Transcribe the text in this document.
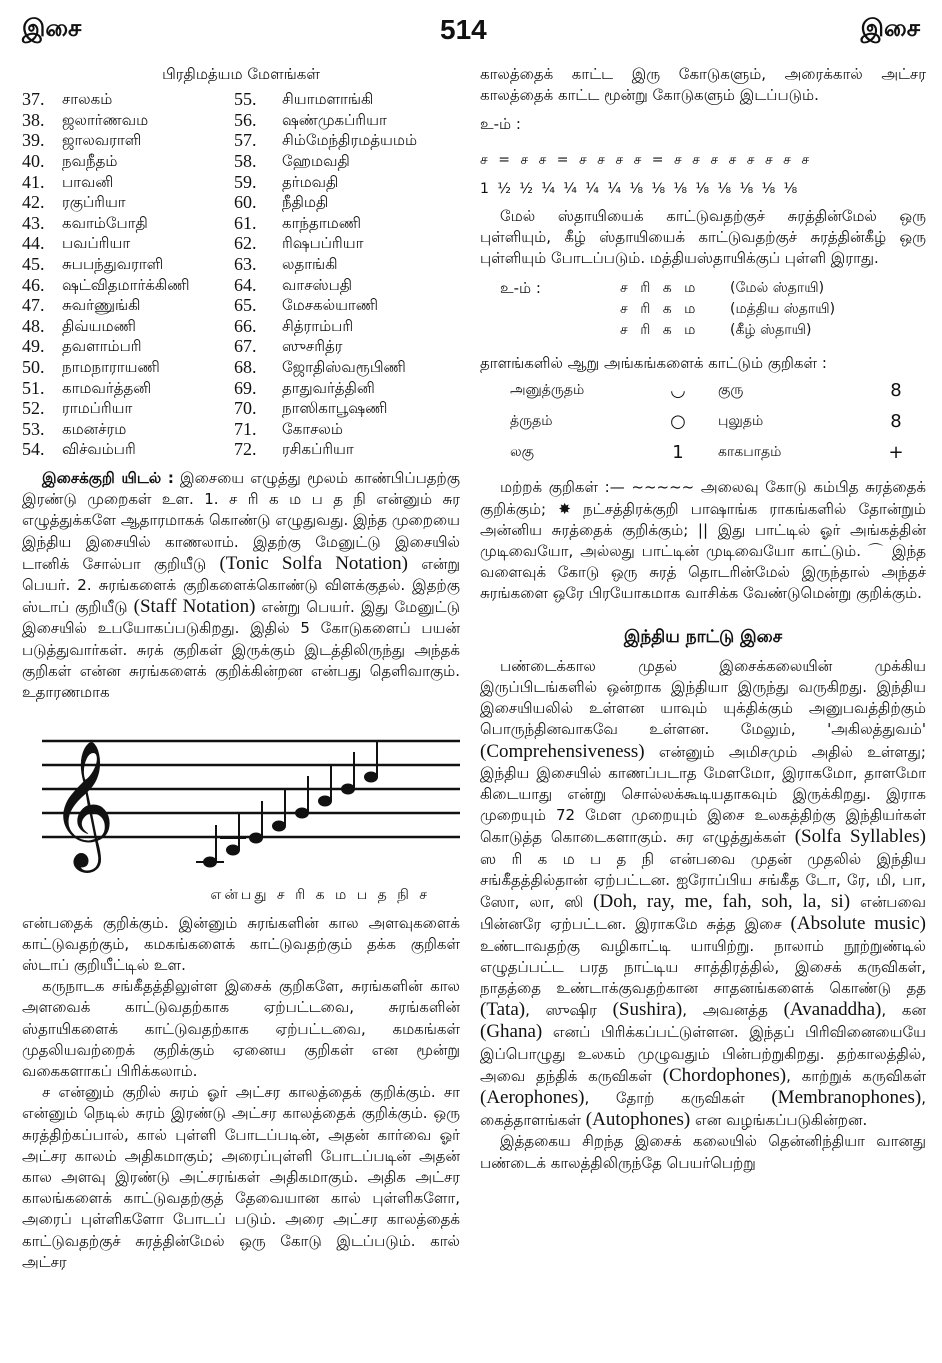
இசை	514	இசை
பிரதிமத்யம மேளங்கள்
37.	சாலகம்	55.	சியாமளாங்கி
38.	ஜலார்ணவம	56.	ஷண்முகப்ரியா
39.	ஜாலவராளி	57.	சிம்மேந்திரமத்யமம்
40.	நவநீதம்	58.	ஹேமவதி
41.	பாவனி	59.	தர்மவதி
42.	ரகுப்ரியா	60.	நீதிமதி
43.	கவாம்போதி	61.	காந்தாமணி
44.	பவப்ரியா	62.	ரிஷபப்ரியா
45.	சுபபந்துவராளி	63.	லதாங்கி
46.	ஷட்விதமார்க்கிணி	64.	வாசஸ்பதி
47.	சுவர்ணுங்கி	65.	மேசகல்யாணி
48.	திவ்யமணி	66.	சித்ராம்பரி
49.	தவளாம்பரி	67.	ஸுசரித்ர
50.	நாமநாராயணி	68.	ஜோதிஸ்வரூபிணி
51.	காமவர்த்தனி	69.	தாதுவர்த்தினி
52.	ராமப்ரியா	70.	நாஸிகாபூஷணி
53.	கமனச்ரம	71.	கோசலம்
54.	விச்வம்பரி	72.	ரசிகப்ரியா

இசைக்குறி யிடல் : இசையை எழுத்து மூலம் காண்பிப்பதற்கு இரண்டு முறைகள் உள. 1. ச ரி க ம ப த நி என்னும் சுர எழுத்துக்களே ஆதாரமாகக் கொண்டு எழுதுவது. இந்த முறையை இந்திய இசையில் காணலாம். இதற்கு மேனுட்டு இசையில் டானிக் சோல்பா குறியீடு (Tonic Solfa Notation) என்று பெயர். 2. சுரங்களைக் குறிகளைக்கொண்டு விளக்குதல். இதற்கு ஸ்டாப் குறியீடு (Staff Notation) என்று பெயர். இது மேனுட்டு இசையில் உபயோகப்படுகிறது. இதில் 5 கோடுகளைப் பயன் படுத்துவார்கள். சுரக் குறிகள் இருக்கும் இடத்திலிருந்து அந்தக் குறிகள் என்ன சுரங்களைக் குறிக்கின்றன என்பது தெளிவாகும். உதாரணமாக

𝄞
என்பது ச ரி க ம ப த நி ச

என்பதைக் குறிக்கும். இன்னும் சுரங்களின் கால அளவுகளைக் காட்டுவதற்கும், கமகங்களைக் காட்டுவதற்கும் தக்க குறிகள் ஸ்டாப் குறியீட்டில் உள.

கருநாடக சங்கீதத்திலுள்ள இசைக் குறிகளே, சுரங்களின் கால அளவைக் காட்டுவதற்காக ஏற்பட்டவை, சுரங்களின் ஸ்தாயிகளைக் காட்டுவதற்காக ஏற்பட்டவை, கமகங்கள் முதலியவற்றைக் குறிக்கும் ஏனைய குறிகள் என மூன்று வகைகளாகப் பிரிக்கலாம்.

ச என்னும் குறில் சுரம் ஓர் அட்சர காலத்தைக் குறிக்கும். சா என்னும் நெடில் சுரம் இரண்டு அட்சர காலத்தைக் குறிக்கும். ஒரு சுரத்திற்கப்பால், கால் புள்ளி போடப்படின், அதன் கார்வை ஓர் அட்சர காலம் அதிகமாகும்; அரைப்புள்ளி போடப்படின் அதன் கால அளவு இரண்டு அட்சரங்கள் அதிகமாகும். அதிக அட்சர காலங்களைக் காட்டுவதற்குத் தேவையான கால் புள்ளிகளோ, அரைப் புள்ளிகளோ போடப் படும். அரை அட்சர காலத்தைக் காட்டுவதற்குச் சுரத்தின்மேல் ஒரு கோடு இடப்படும். கால் அட்சர

காலத்தைக் காட்ட இரு கோடுகளும், அரைக்கால் அட்சர காலத்தைக் காட்ட மூன்று கோடுகளும் இடப்படும்.

உ-ம் :
ச = ச ச = ச ச ச ச = ச ச ச ச ச ச ச ச
1 ½ ½ ¼ ¼ ¼ ¼ ⅛ ⅛ ⅛ ⅛ ⅛ ⅛ ⅛ ⅛

மேல் ஸ்தாயியைக் காட்டுவதற்குச் சுரத்தின்மேல் ஒரு புள்ளியும், கீழ் ஸ்தாயியைக் காட்டுவதற்குச் சுரத்தின்கீழ் ஒரு புள்ளியும் போடப்படும். மத்தியஸ்தாயிக்குப் புள்ளி இராது.

உ-ம் :	ச ரி க ம	(மேல் ஸ்தாயி)
ச ரி க ம	(மத்திய ஸ்தாயி)
ச ரி க ம	(கீழ் ஸ்தாயி)

தாளங்களில் ஆறு அங்கங்களைக் காட்டும் குறிகள் :

அனுத்ருதம்	◡	குரு	8
த்ருதம்	○	புலுதம்	8
லகு	1	காகபாதம்	+

மற்றக் குறிகள் :— ~~~~~ அலைவு கோடு கம்பித சுரத்தைக் குறிக்கும்; ✸ நட்சத்திரக்குறி பாஷாங்க ராகங்களில் தோன்றும் அன்னிய சுரத்தைக் குறிக்கும்; || இது பாட்டில் ஓர் அங்கத்தின் முடிவையோ, அல்லது பாட்டின் முடிவையோ காட்டும். ⌒ இந்த வளைவுக் கோடு ஒரு சுரத் தொடரின்மேல் இருந்தால் அந்தச் சுரங்களை ஒரே பிரயோகமாக வாசிக்க வேண்டுமென்று குறிக்கும்.

இந்திய நாட்டு இசை

பண்டைக்கால முதல் இசைக்கலையின் முக்கிய இருப்பிடங்களில் ஒன்றாக இந்தியா இருந்து வருகிறது. இந்திய இசையியலில் உள்ளன யாவும் யுக்திக்கும் அனுபவத்திற்கும் பொருந்தினவாகவே உள்ளன. மேலும், 'அகிலத்துவம்' (Comprehensiveness) என்னும் அமிசமும் அதில் உள்ளது; இந்திய இசையில் காணப்படாத மேளமோ, இராகமோ, தாளமோ கிடையாது என்று சொல்லக்கூடியதாகவும் இருக்கிறது. இராக முறையும் 72 மேள முறையும் இசை உலகத்திற்கு இந்தியர்கள் கொடுத்த கொடைகளாகும். சுர எழுத்துக்கள் (Solfa Syllables) ஸ ரி க ம ப த நி என்பவை முதன் முதலில் இந்திய சங்கீதத்தில்தான் ஏற்பட்டன. ஐரோப்பிய சங்கீத டோ, ரே, மி, பா, ஸோ, லா, ஸி (Doh, ray, me, fah, soh, la, si) என்பவை பின்னரே ஏற்பட்டன. இராகமே சுத்த இசை (Absolute music) உண்டாவதற்கு வழிகாட்டி யாயிற்று. நாலாம் நூற்றுண்டில் எழுதப்பட்ட பரத நாட்டிய சாத்திரத்தில், இசைக் கருவிகள், நாதத்தை உண்டாக்குவதற்கான சாதனங்களைக் கொண்டு தத (Tata), ஸுஷிர (Sushira), அவனத்த (Avanaddha), கன (Ghana) எனப் பிரிக்கப்பட்டுள்ளன. இந்தப் பிரிவினையையே இப்பொழுது உலகம் முழுவதும் பின்பற்றுகிறது. தற்காலத்தில், அவை தந்திக் கருவிகள் (Chordophones), காற்றுக் கருவிகள் (Aerophones), தோற் கருவிகள் (Membranophones), கைத்தாளங்கள் (Autophones) என வழங்கப்படுகின்றன.

இத்தகைய சிறந்த இசைக் கலையில் தென்னிந்தியா வானது பண்டைக் காலத்திலிருந்தே பெயர்பெற்று
